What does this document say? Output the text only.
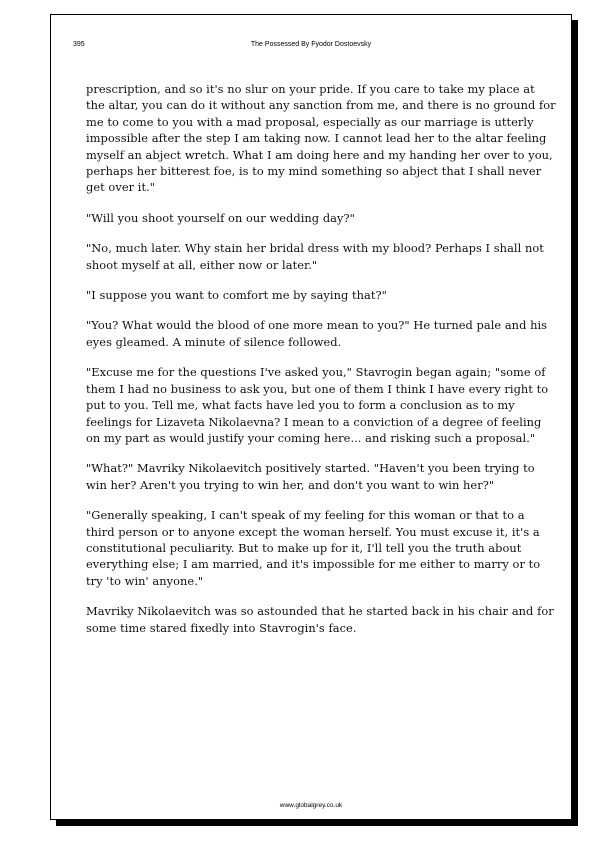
395	The Possessed By Fyodor Dostoevsky

prescription, and so it's no slur on your pride. If you care to take my place at the altar, you can do it without any sanction from me, and there is no ground for me to come to you with a mad proposal, especially as our marriage is utterly impossible after the step I am taking now. I cannot lead her to the altar feeling myself an abject wretch. What I am doing here and my handing her over to you, perhaps her bitterest foe, is to my mind something so abject that I shall never get over it."

"Will you shoot yourself on our wedding day?"

"No, much later. Why stain her bridal dress with my blood? Perhaps I shall not shoot myself at all, either now or later."

"I suppose you want to comfort me by saying that?"

"You? What would the blood of one more mean to you?" He turned pale and his eyes gleamed. A minute of silence followed.

"Excuse me for the questions I've asked you," Stavrogin began again; "some of them I had no business to ask you, but one of them I think I have every right to put to you. Tell me, what facts have led you to form a conclusion as to my feelings for Lizaveta Nikolaevna? I mean to a conviction of a degree of feeling on my part as would justify your coming here... and risking such a proposal."

"What?" Mavriky Nikolaevitch positively started. "Haven't you been trying to win her? Aren't you trying to win her, and don't you want to win her?"

"Generally speaking, I can't speak of my feeling for this woman or that to a third person or to anyone except the woman herself. You must excuse it, it's a constitutional peculiarity. But to make up for it, I'll tell you the truth about everything else; I am married, and it's impossible for me either to marry or to try 'to win' anyone."

Mavriky Nikolaevitch was so astounded that he started back in his chair and for some time stared fixedly into Stavrogin's face.

www.globalgrey.co.uk
